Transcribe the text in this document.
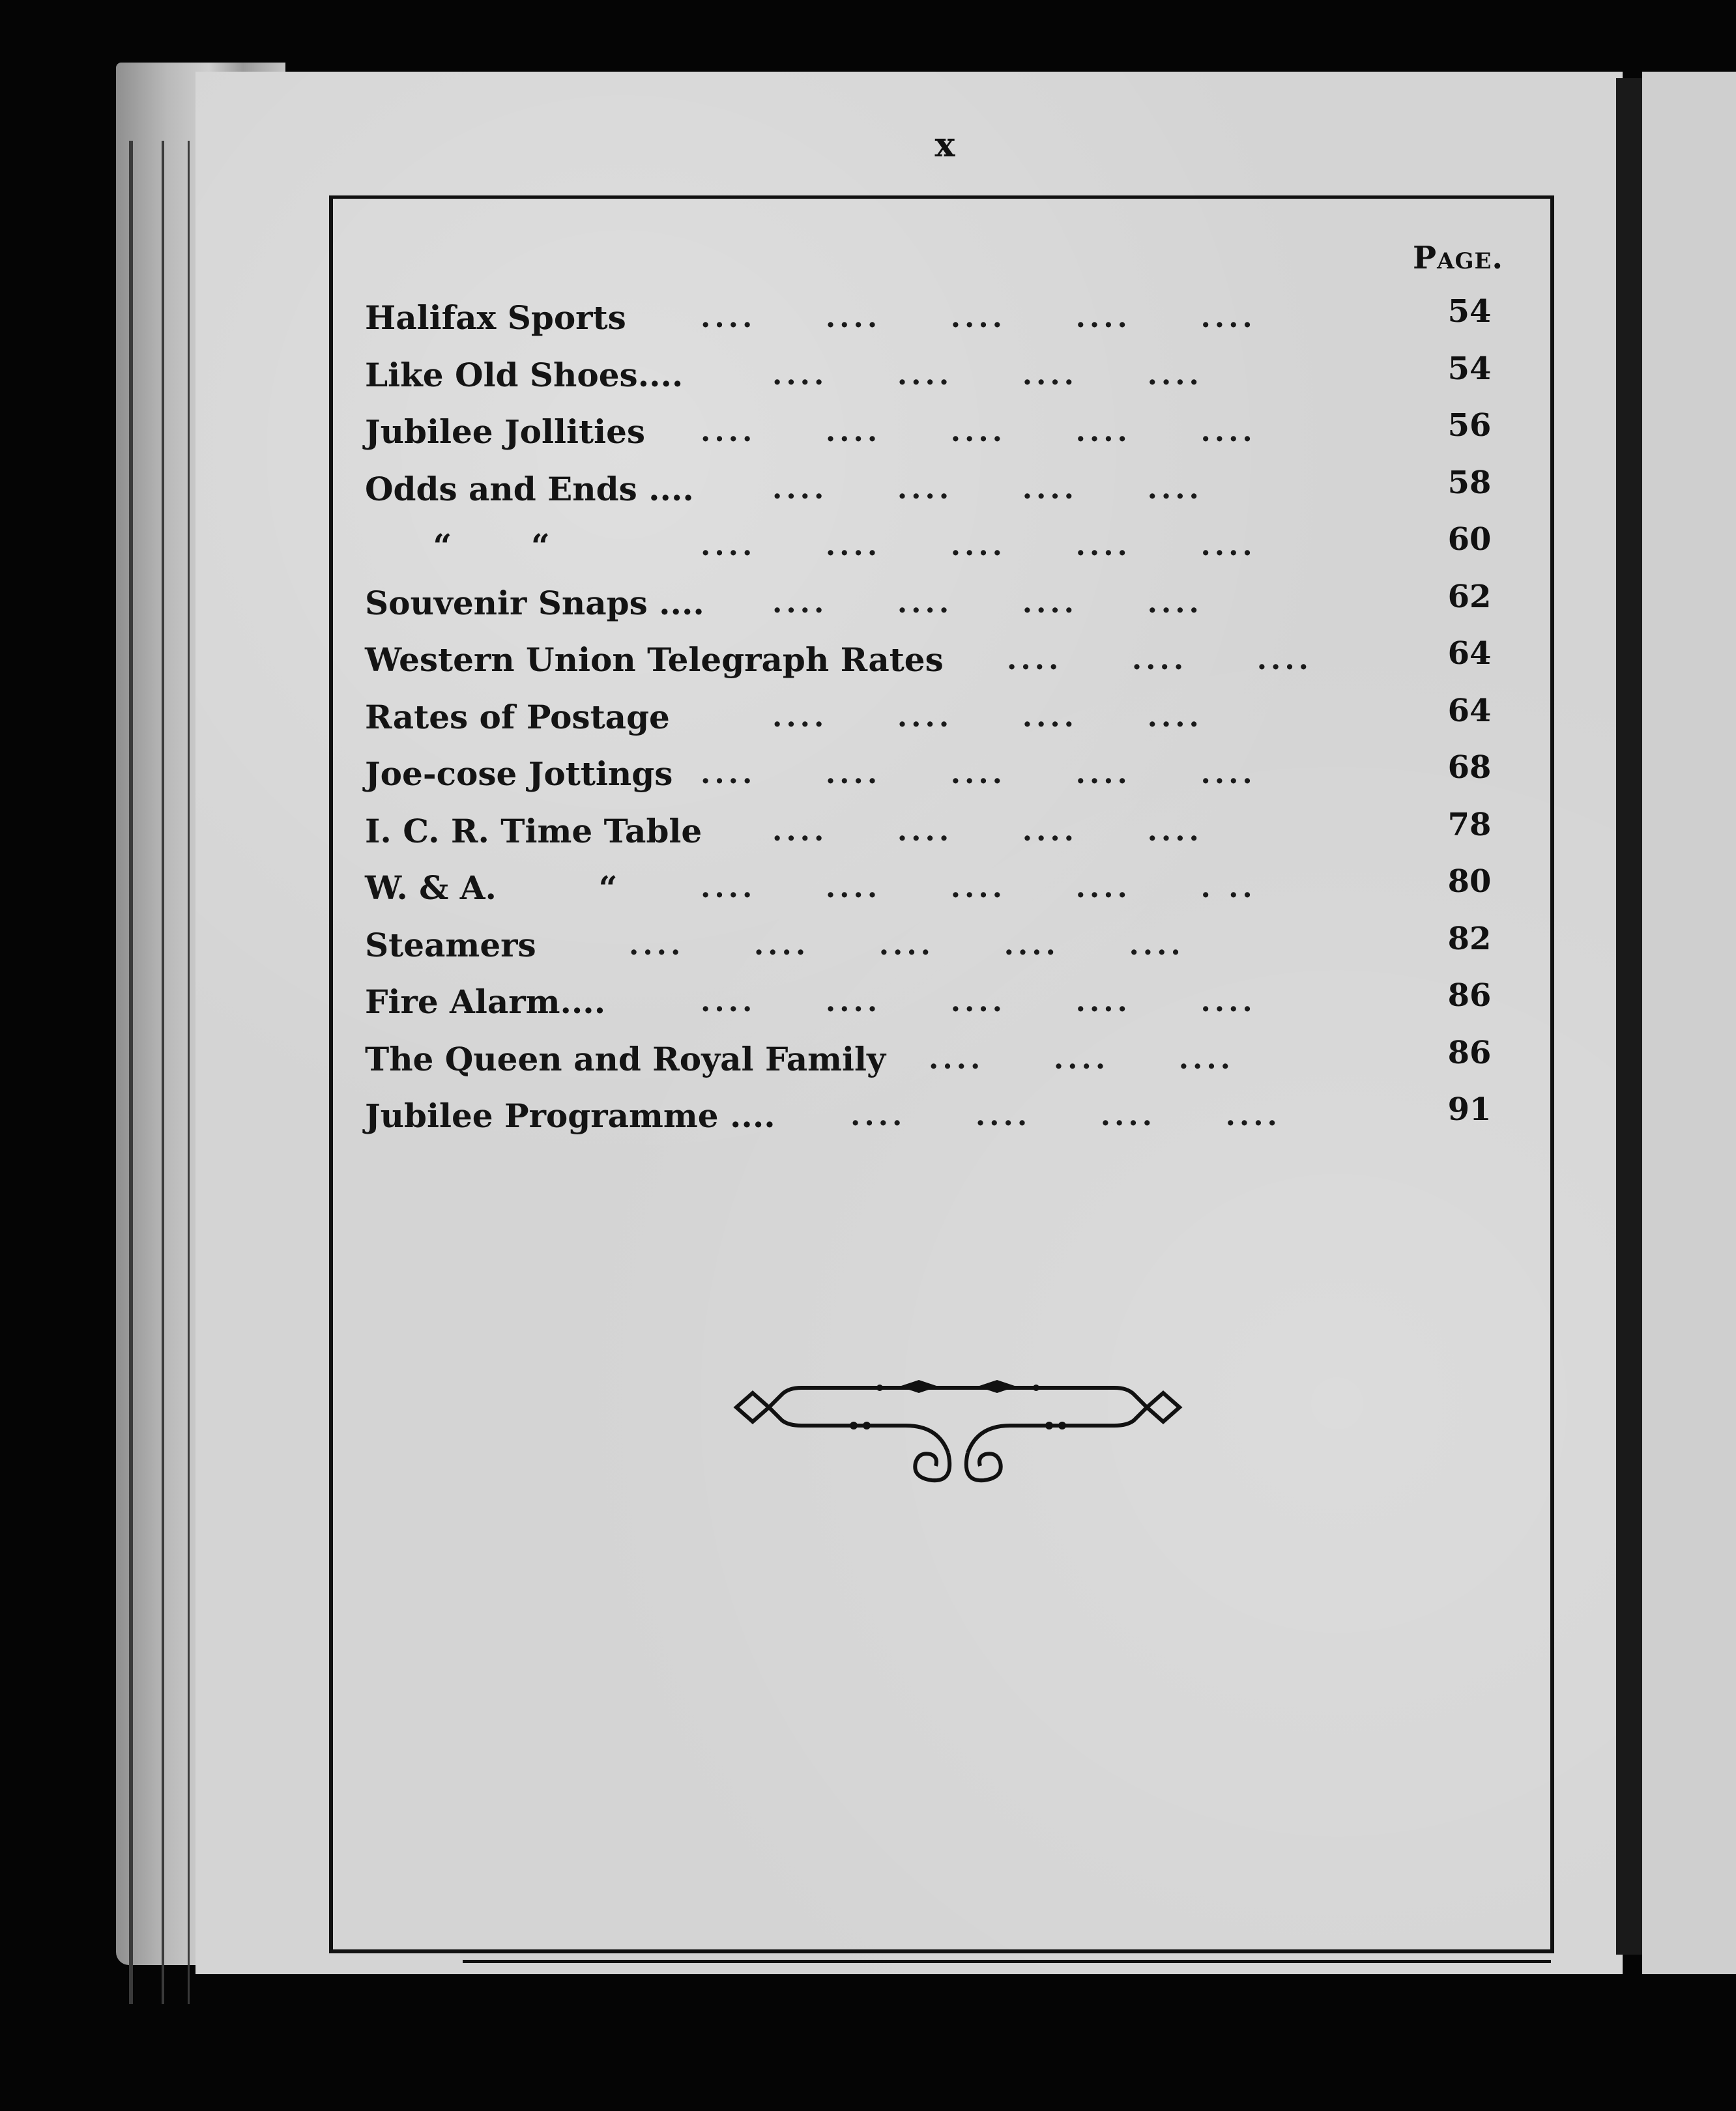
x
Page.
Halifax Sports	....     ....     ....     ....     ....	54
Like Old Shoes....	....     ....     ....     ....	54
Jubilee Jollities ....     ....     ....     ....     ....	56
Odds and Ends ....	....     ....     ....     ....	58
“       “	....     ....     ....     ....     ....	60
Souvenir Snaps .... ....     ....     ....     ....	62
Western Union Telegraph Rates ....     ....     ....	64
Rates of Postage	....     ....     ....     ....	64
Joe-cose Jottings ....     ....     ....     ....     ....	68
I. C. R. Time Table ....     ....     ....     ....	78
W. & A.         “	....     ....     ....     ....     . ..	80
Steamers	....     ....     ....     ....     ....	82
Fire Alarm....	....     ....     ....     ....     ....	86
The Queen and Royal Family ....     ....     ....	86
Jubilee Programme ....	....     ....     ....     ....	91
